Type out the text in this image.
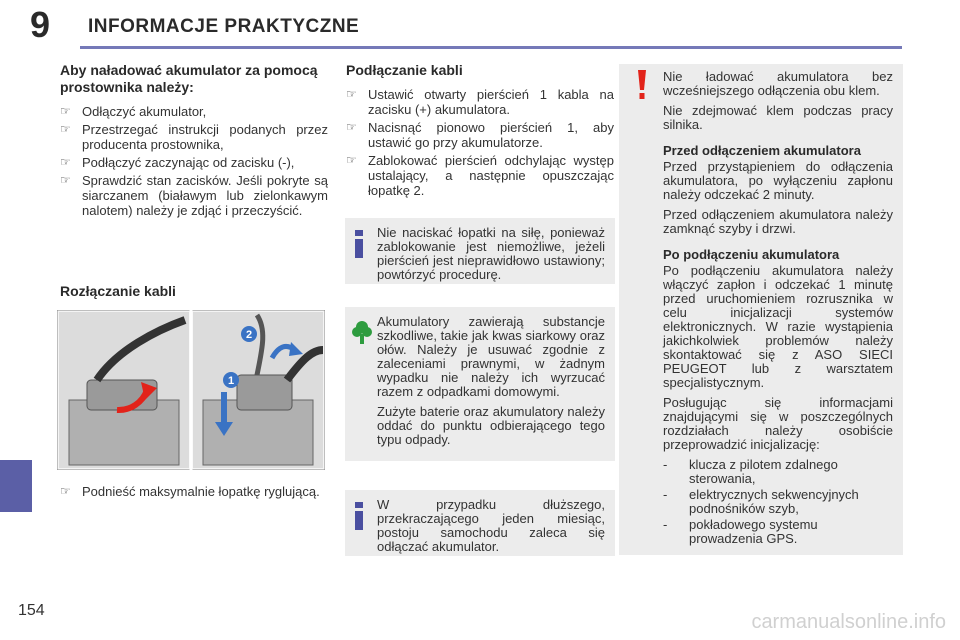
9 INFORMACJE PRAKTYCZNE
154
Aby naładować akumulator za pomocą prostownika należy:
☞ Odłączyć akumulator,
☞ Przestrzegać instrukcji podanych przez producenta prostownika,
☞ Podłączyć zaczynając od zacisku (-),
☞ Sprawdzić stan zacisków. Jeśli pokryte są siarczanem (białawym lub zielonkawym nalotem) należy je zdjąć i przeczyścić.
Rozłączanie kabli
1
2
☞ Podnieść maksymalnie łopatkę ryglującą.
Podłączanie kabli
☞ Ustawić otwarty pierścień 1 kabla na zacisku (+) akumulatora.
☞ Nacisnąć pionowo pierścień 1, aby ustawić go przy akumulatorze.
☞ Zablokować pierścień odchylając występ ustalający, a następnie opuszczając łopatkę 2.

Nie naciskać łopatki na siłę, ponieważ zablokowanie jest niemożliwe, jeżeli pierścień jest nieprawidłowo ustawiony; powtórzyć procedurę.

Akumulatory zawierają substancje szkodliwe, takie jak kwas siarkowy oraz ołów. Należy je usuwać zgodnie z zaleceniami prawnymi, w żadnym wypadku nie należy ich wyrzucać razem z odpadkami domowymi.

Zużyte baterie oraz akumulatory należy oddać do punktu odbierającego tego typu odpady.

W przypadku dłuższego, przekraczającego jeden miesiąc, postoju samochodu zaleca się odłączać akumulator.

Nie ładować akumulatora bez wcześniejszego odłączenia obu klem.

Nie zdejmować klem podczas pracy silnika.

Przed odłączeniem akumulatora

Przed przystąpieniem do odłączenia akumulatora, po wyłączeniu zapłonu należy odczekać 2 minuty.

Przed odłączeniem akumulatora należy zamknąć szyby i drzwi.

Po podłączeniu akumulatora

Po podłączeniu akumulatora należy włączyć zapłon i odczekać 1 minutę przed uruchomieniem rozrusznika w celu inicjalizacji systemów elektronicznych. W razie wystąpienia jakichkolwiek problemów należy skontaktować się z ASO SIECI PEUGEOT lub z warsztatem specjalistycznym.

Posługując się informacjami znajdującymi się w poszczególnych rozdziałach należy osobiście przeprowadzić inicjalizację:

- klucza z pilotem zdalnego sterowania,
- elektrycznych sekwencyjnych podnośników szyb,
- pokładowego systemu prowadzenia GPS.
carmanualsonline.info
